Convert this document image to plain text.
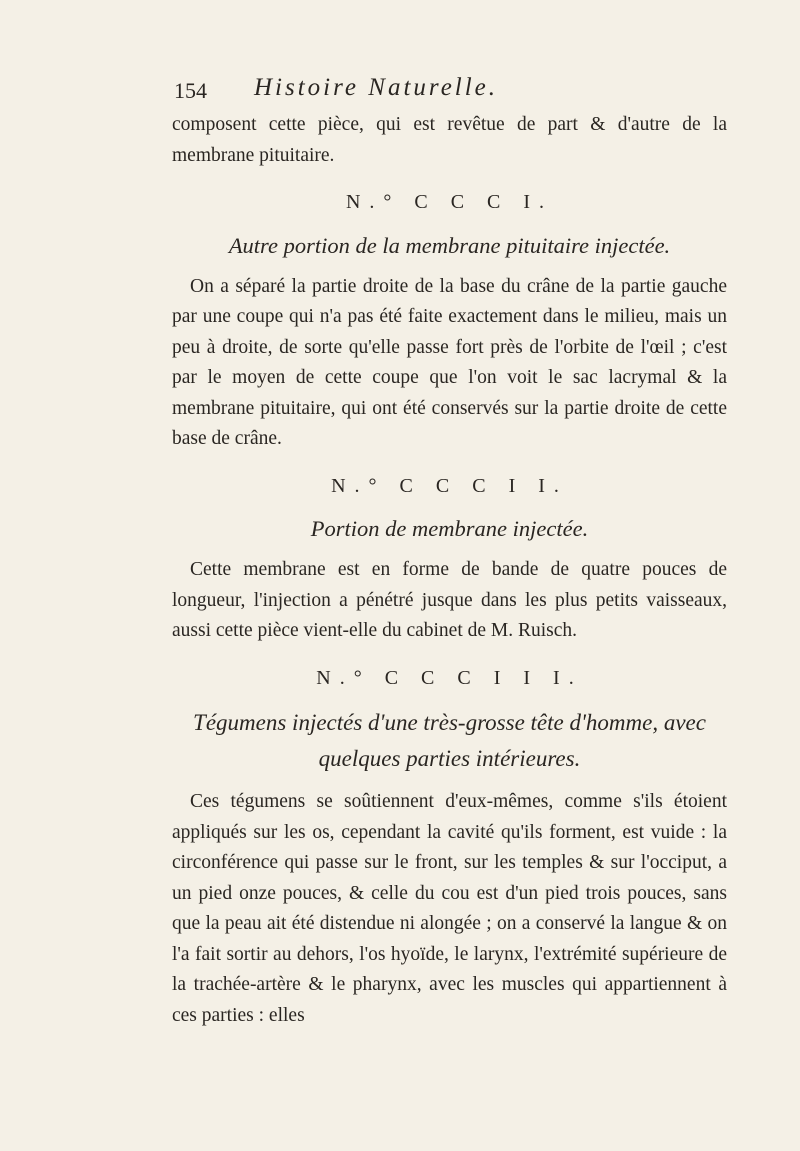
154 Histoire Naturelle.

composent cette pièce, qui est revêtue de part & d'autre de la membrane pituitaire.

N.° C C C I.
Autre portion de la membrane pituitaire injectée.

On a séparé la partie droite de la base du crâne de la partie gauche par une coupe qui n'a pas été faite exactement dans le milieu, mais un peu à droite, de sorte qu'elle passe fort près de l'orbite de l'œil ; c'est par le moyen de cette coupe que l'on voit le sac lacrymal & la membrane pituitaire, qui ont été conservés sur la partie droite de cette base de crâne.

N.° C C C I I.
Portion de membrane injectée.

Cette membrane est en forme de bande de quatre pouces de longueur, l'injection a pénétré jusque dans les plus petits vaisseaux, aussi cette pièce vient-elle du cabinet de M. Ruisch.

N.° C C C I I I.
Tégumens injectés d'une très-grosse tête d'homme, avec quelques parties intérieures.

Ces tégumens se soûtiennent d'eux-mêmes, comme s'ils étoient appliqués sur les os, cependant la cavité qu'ils forment, est vuide : la circonférence qui passe sur le front, sur les temples & sur l'occiput, a un pied onze pouces, & celle du cou est d'un pied trois pouces, sans que la peau ait été distendue ni alongée ; on a conservé la langue & on l'a fait sortir au dehors, l'os hyoïde, le larynx, l'extrémité supérieure de la trachée-artère & le pharynx, avec les muscles qui appartiennent à ces parties : elles
